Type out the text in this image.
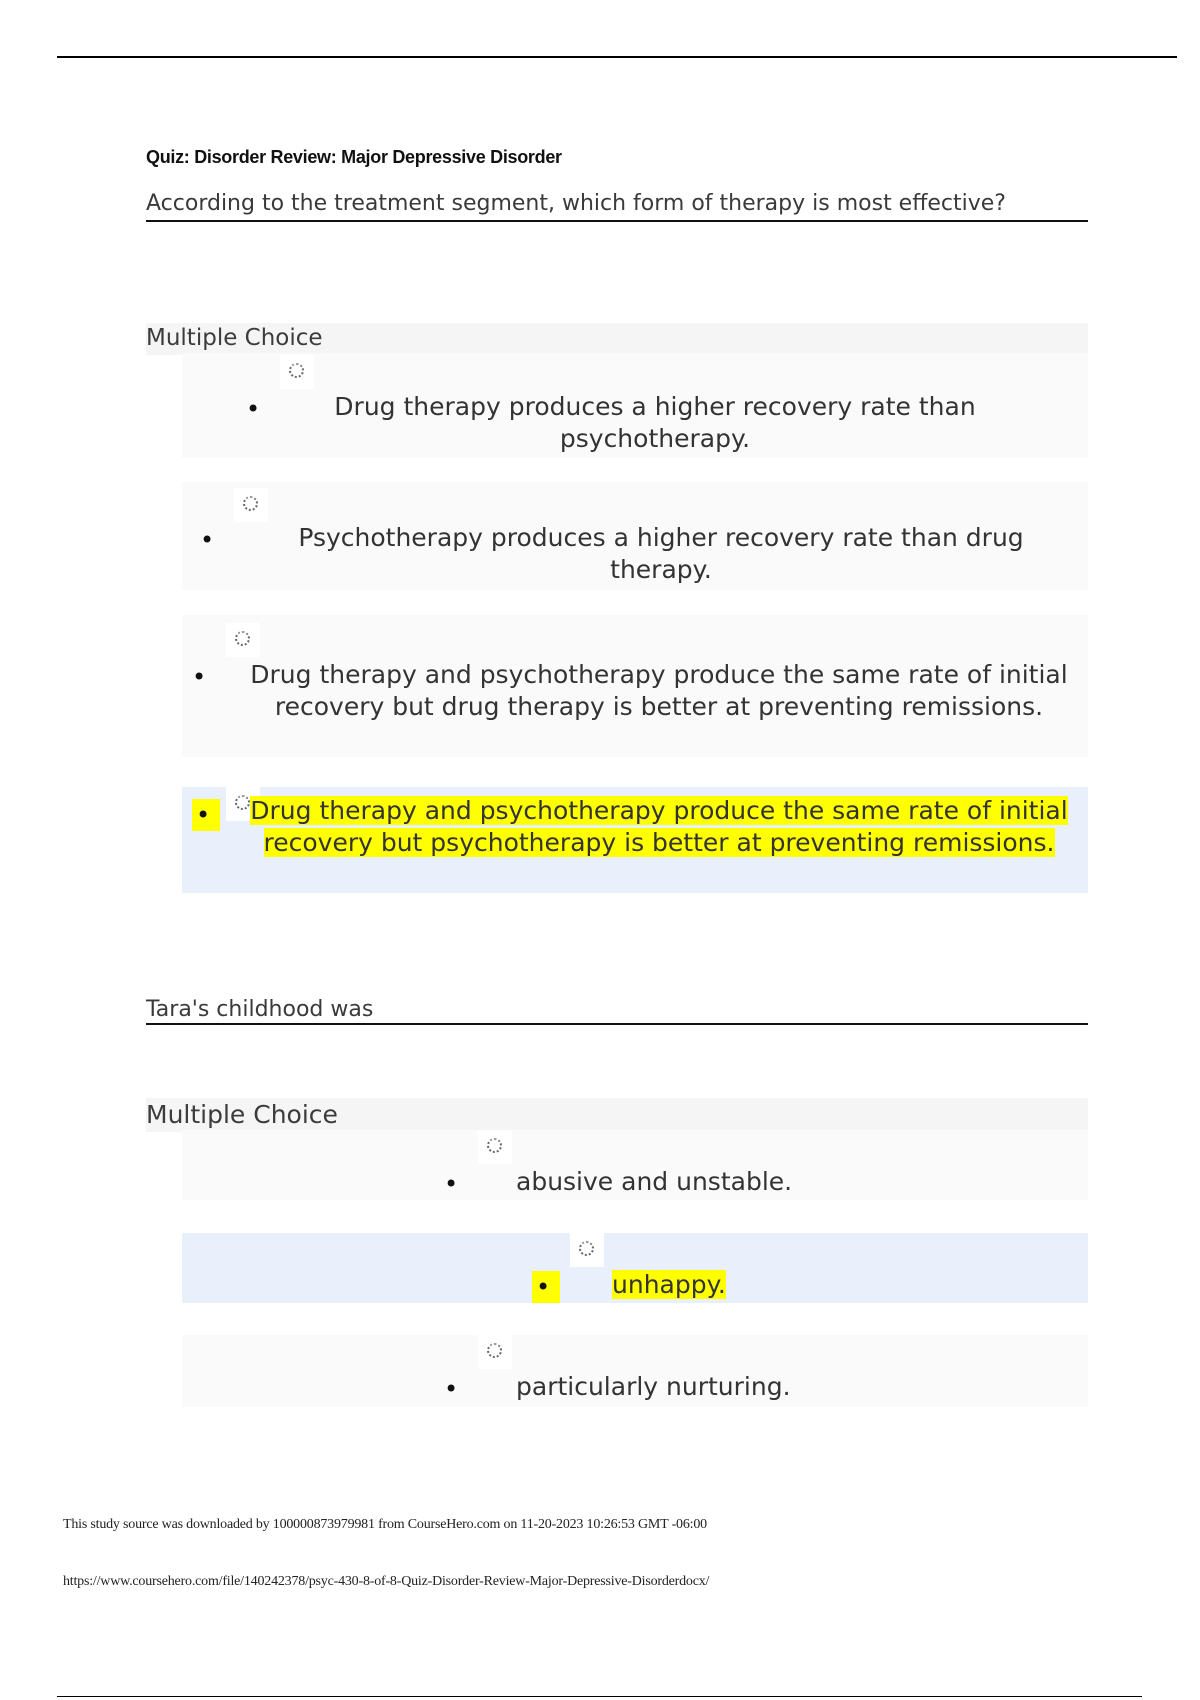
Quiz: Disorder Review: Major Depressive Disorder
According to the treatment segment, which form of therapy is most effective?
Multiple Choice
•	Drug therapy produces a higher recovery rate than psychotherapy.
•	Psychotherapy produces a higher recovery rate than drug therapy.
• Drug therapy and psychotherapy produce the same rate of initial recovery but drug therapy is better at preventing remissions.
•	Drug therapy and psychotherapy produce the same rate of initial recovery but psychotherapy is better at preventing remissions.
Tara's childhood was
Multiple Choice
• abusive and unstable.
•	unhappy.
• particularly nurturing.
This study source was downloaded by 100000873979981 from CourseHero.com on 11-20-2023 10:26:53 GMT -06:00
https://www.coursehero.com/file/140242378/psyc-430-8-of-8-Quiz-Disorder-Review-Major-Depressive-Disorderdocx/
